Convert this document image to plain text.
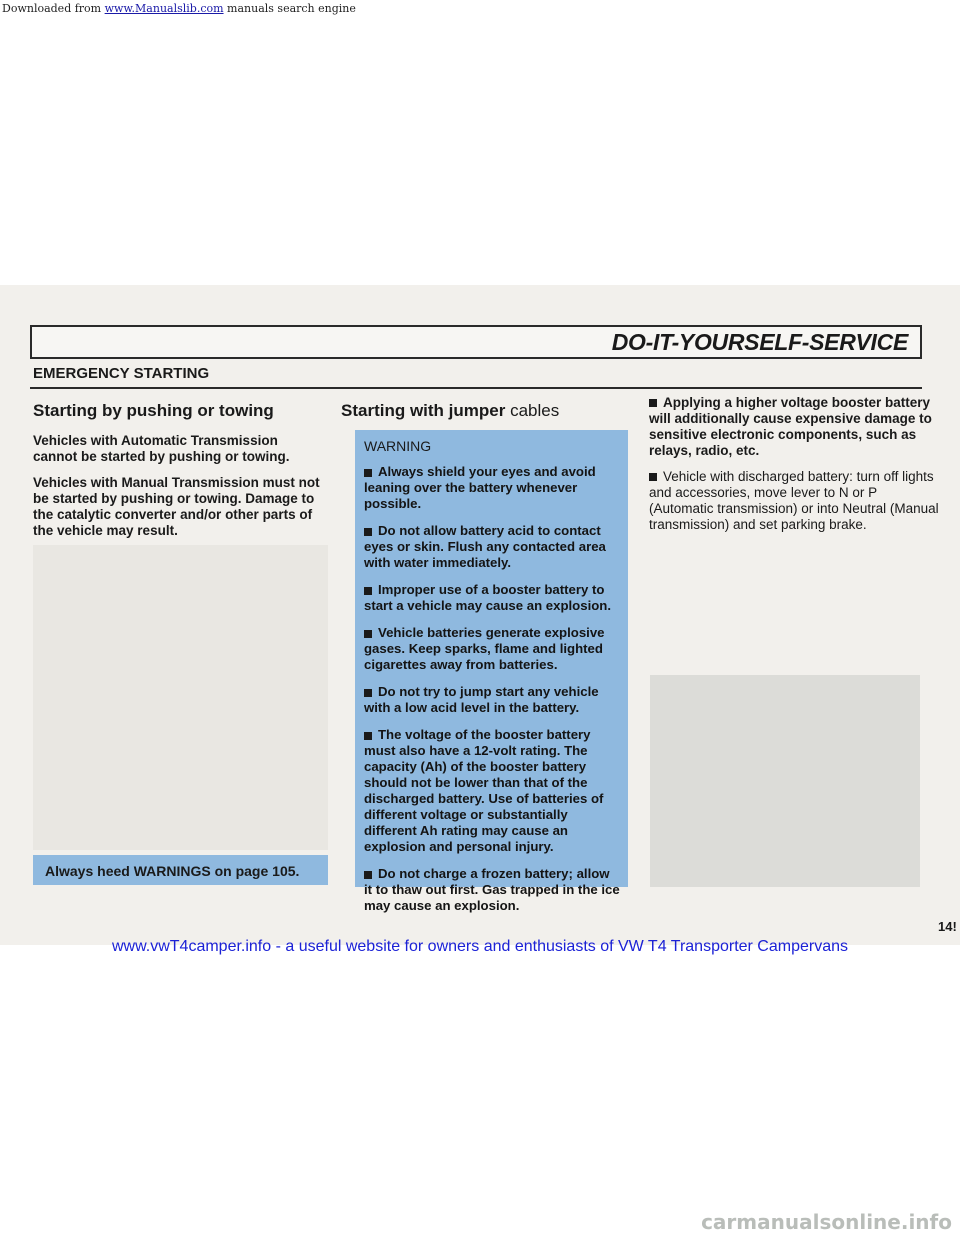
Downloaded from www.Manualslib.com manuals search engine
DO-IT-YOURSELF-SERVICE
EMERGENCY STARTING
Starting by pushing or towing

Vehicles with Automatic Transmission cannot be started by pushing or towing.

Vehicles with Manual Transmission must not be started by pushing or towing. Damage to the catalytic converter and/or other parts of the vehicle may result.

Always heed WARNINGS on page 105.
Starting with jumper cables
WARNING

Always shield your eyes and avoid leaning over the battery whenever possible.

Do not allow battery acid to contact eyes or skin. Flush any contacted area with water immediately.

Improper use of a booster battery to start a vehicle may cause an explosion.

Vehicle batteries generate explosive gases. Keep sparks, flame and lighted cigarettes away from batteries.

Do not try to jump start any vehicle with a low acid level in the battery.

The voltage of the booster battery must also have a 12-volt rating. The capacity (Ah) of the booster battery should not be lower than that of the discharged battery. Use of batteries of different voltage or substantially different Ah rating may cause an explosion and personal injury.

Do not charge a frozen battery; allow it to thaw out first. Gas trapped in the ice may cause an explosion.

Applying a higher voltage booster battery will additionally cause expensive damage to sensitive electronic components, such as relays, radio, etc.

Vehicle with discharged battery: turn off lights and accessories, move lever to N or P (Automatic transmission) or into Neutral (Manual transmission) and set parking brake.

14!
www.vwT4camper.info - a useful website for owners and enthusiasts of VW T4 Transporter Campervans
carmanualsonline.info
